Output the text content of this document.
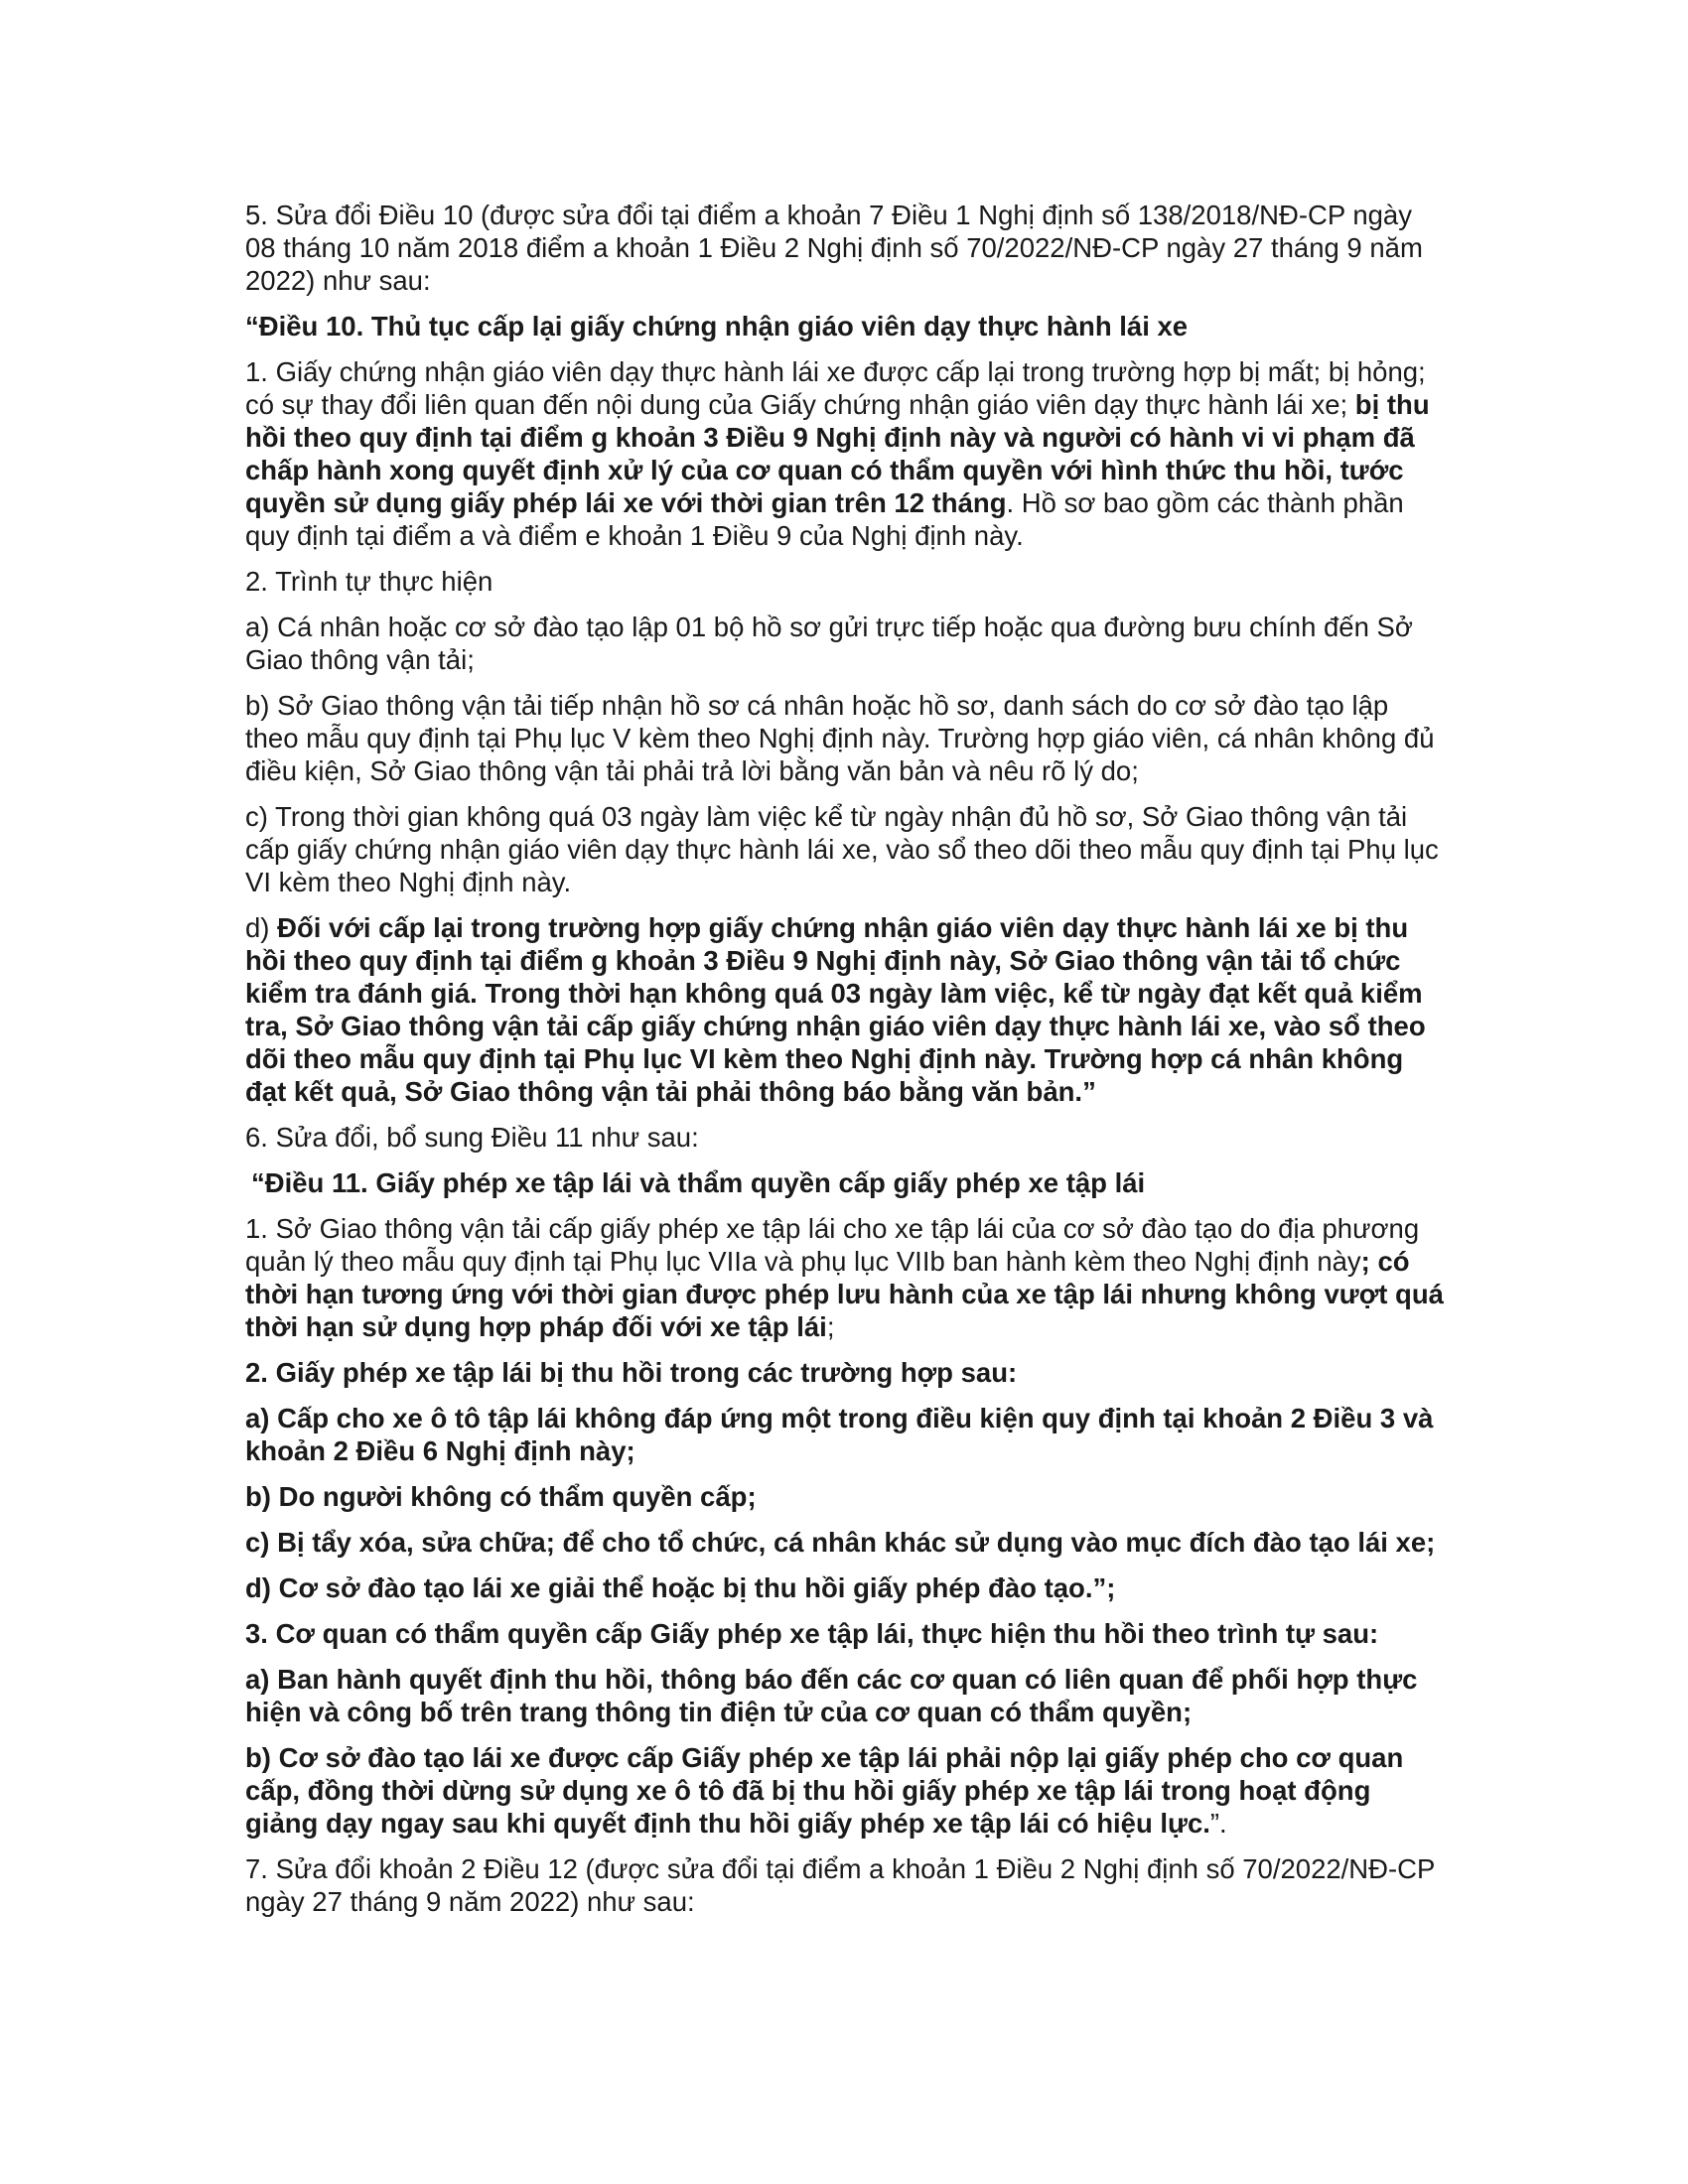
5. Sửa đổi Điều 10 (được sửa đổi tại điểm a khoản 7 Điều 1 Nghị định số 138/2018/NĐ-CP ngày 08 tháng 10 năm 2018 điểm a khoản 1 Điều 2 Nghị định số 70/2022/NĐ-CP ngày 27 tháng 9 năm 2022) như sau:

“Điều 10. Thủ tục cấp lại giấy chứng nhận giáo viên dạy thực hành lái xe

1. Giấy chứng nhận giáo viên dạy thực hành lái xe được cấp lại trong trường hợp bị mất; bị hỏng; có sự thay đổi liên quan đến nội dung của Giấy chứng nhận giáo viên dạy thực hành lái xe; bị thu hồi theo quy định tại điểm g khoản 3 Điều 9 Nghị định này và người có hành vi vi phạm đã chấp hành xong quyết định xử lý của cơ quan có thẩm quyền với hình thức thu hồi, tước quyền sử dụng giấy phép lái xe với thời gian trên 12 tháng. Hồ sơ bao gồm các thành phần quy định tại điểm a và điểm e khoản 1 Điều 9 của Nghị định này.

2. Trình tự thực hiện

a) Cá nhân hoặc cơ sở đào tạo lập 01 bộ hồ sơ gửi trực tiếp hoặc qua đường bưu chính đến Sở Giao thông vận tải;

b) Sở Giao thông vận tải tiếp nhận hồ sơ cá nhân hoặc hồ sơ, danh sách do cơ sở đào tạo lập theo mẫu quy định tại Phụ lục V kèm theo Nghị định này. Trường hợp giáo viên, cá nhân không đủ điều kiện, Sở Giao thông vận tải phải trả lời bằng văn bản và nêu rõ lý do;

c) Trong thời gian không quá 03 ngày làm việc kể từ ngày nhận đủ hồ sơ, Sở Giao thông vận tải cấp giấy chứng nhận giáo viên dạy thực hành lái xe, vào sổ theo dõi theo mẫu quy định tại Phụ lục VI kèm theo Nghị định này.

d) Đối với cấp lại trong trường hợp giấy chứng nhận giáo viên dạy thực hành lái xe bị thu hồi theo quy định tại điểm g khoản 3 Điều 9 Nghị định này, Sở Giao thông vận tải tổ chức kiểm tra đánh giá. Trong thời hạn không quá 03 ngày làm việc, kể từ ngày đạt kết quả kiểm tra, Sở Giao thông vận tải cấp giấy chứng nhận giáo viên dạy thực hành lái xe, vào sổ theo dõi theo mẫu quy định tại Phụ lục VI kèm theo Nghị định này. Trường hợp cá nhân không đạt kết quả, Sở Giao thông vận tải phải thông báo bằng văn bản.”

6. Sửa đổi, bổ sung Điều 11 như sau:

“Điều 11. Giấy phép xe tập lái và thẩm quyền cấp giấy phép xe tập lái

1. Sở Giao thông vận tải cấp giấy phép xe tập lái cho xe tập lái của cơ sở đào tạo do địa phương quản lý theo mẫu quy định tại Phụ lục VIIa và phụ lục VIIb ban hành kèm theo Nghị định này; có thời hạn tương ứng với thời gian được phép lưu hành của xe tập lái nhưng không vượt quá thời hạn sử dụng hợp pháp đối với xe tập lái;

2. Giấy phép xe tập lái bị thu hồi trong các trường hợp sau:

a) Cấp cho xe ô tô tập lái không đáp ứng một trong điều kiện quy định tại khoản 2 Điều 3 và khoản 2 Điều 6 Nghị định này;

b) Do người không có thẩm quyền cấp;

c) Bị tẩy xóa, sửa chữa; để cho tổ chức, cá nhân khác sử dụng vào mục đích đào tạo lái xe;

d) Cơ sở đào tạo lái xe giải thể hoặc bị thu hồi giấy phép đào tạo.”;

3. Cơ quan có thẩm quyền cấp Giấy phép xe tập lái, thực hiện thu hồi theo trình tự sau:

a) Ban hành quyết định thu hồi, thông báo đến các cơ quan có liên quan để phối hợp thực hiện và công bố trên trang thông tin điện tử của cơ quan có thẩm quyền;

b) Cơ sở đào tạo lái xe được cấp Giấy phép xe tập lái phải nộp lại giấy phép cho cơ quan cấp, đồng thời dừng sử dụng xe ô tô đã bị thu hồi giấy phép xe tập lái trong hoạt động giảng dạy ngay sau khi quyết định thu hồi giấy phép xe tập lái có hiệu lực.”.

7. Sửa đổi khoản 2 Điều 12 (được sửa đổi tại điểm a khoản 1 Điều 2 Nghị định số 70/2022/NĐ-CP ngày 27 tháng 9 năm 2022) như sau:
